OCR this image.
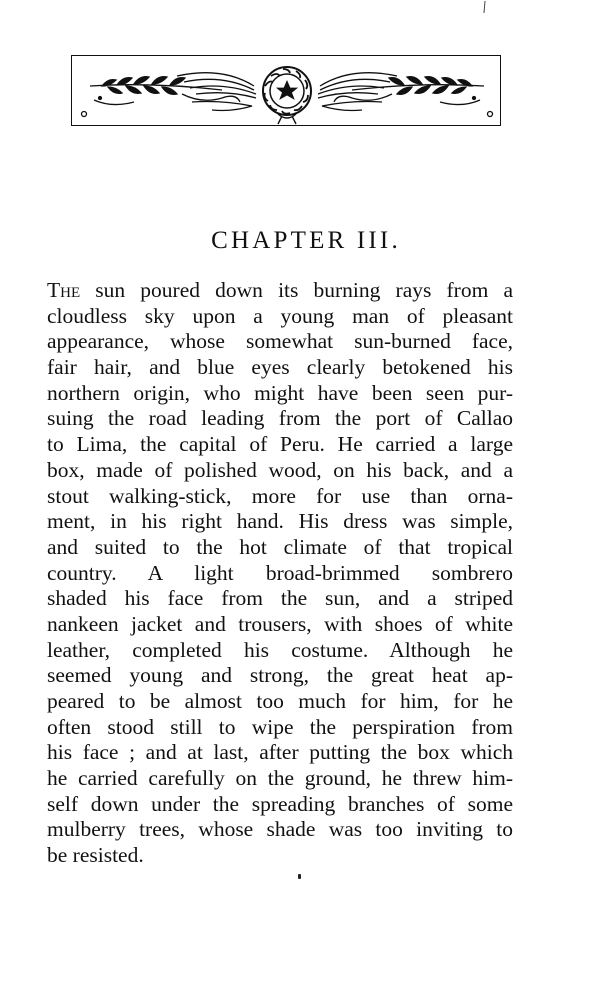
CHAPTER III.
The sun poured down its burning rays from a
cloudless sky upon a young man of pleasant
appearance, whose somewhat sun-burned face,
fair hair, and blue eyes clearly betokened his
northern origin, who might have been seen pur-
suing the road leading from the port of Callao
to Lima, the capital of Peru. He carried a large
box, made of polished wood, on his back, and a
stout walking-stick, more for use than orna-
ment, in his right hand. His dress was simple,
and suited to the hot climate of that tropical
country. A light broad-brimmed sombrero
shaded his face from the sun, and a striped
nankeen jacket and trousers, with shoes of white
leather, completed his costume. Although he
seemed young and strong, the great heat ap-
peared to be almost too much for him, for he
often stood still to wipe the perspiration from
his face ; and at last, after putting the box which
he carried carefully on the ground, he threw him-
self down under the spreading branches of some
mulberry trees, whose shade was too inviting to
be resisted.
